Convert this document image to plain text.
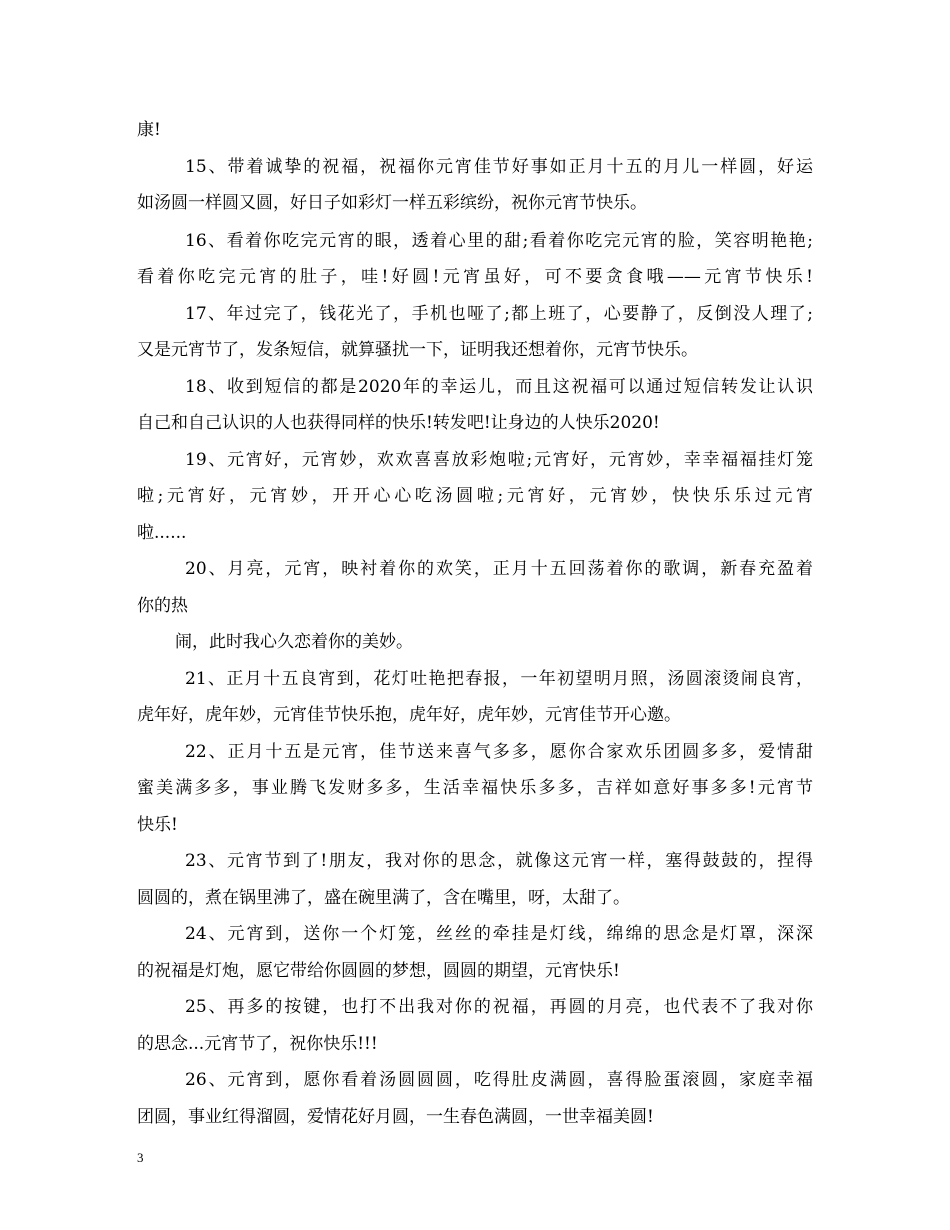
康!
15、带着诚挚的祝福，祝福你元宵佳节好事如正月十五的月儿一样圆，好运
如汤圆一样圆又圆，好日子如彩灯一样五彩缤纷，祝你元宵节快乐。
16、看着你吃完元宵的眼，透着心里的甜;看着你吃完元宵的脸，笑容明艳艳;
看着你吃完元宵的肚子，哇!好圆!元宵虽好，可不要贪食哦——元宵节快乐!
17、年过完了，钱花光了，手机也哑了;都上班了，心要静了，反倒没人理了;
又是元宵节了，发条短信，就算骚扰一下，证明我还想着你，元宵节快乐。
18、收到短信的都是2020年的幸运儿，而且这祝福可以通过短信转发让认识
自己和自己认识的人也获得同样的快乐!转发吧!让身边的人快乐2020!
19、元宵好，元宵妙，欢欢喜喜放彩炮啦;元宵好，元宵妙，幸幸福福挂灯笼
啦;元宵好，元宵妙，开开心心吃汤圆啦;元宵好，元宵妙，快快乐乐过元宵
啦......
20、月亮，元宵，映衬着你的欢笑，正月十五回荡着你的歌调，新春充盈着
你的热
闹，此时我心久恋着你的美妙。
21、正月十五良宵到，花灯吐艳把春报，一年初望明月照，汤圆滚烫闹良宵，
虎年好，虎年妙，元宵佳节快乐抱，虎年好，虎年妙，元宵佳节开心邀。
22、正月十五是元宵，佳节送来喜气多多，愿你合家欢乐团圆多多，爱情甜
蜜美满多多，事业腾飞发财多多，生活幸福快乐多多，吉祥如意好事多多!元宵节
快乐!
23、元宵节到了!朋友，我对你的思念，就像这元宵一样，塞得鼓鼓的，捏得
圆圆的，煮在锅里沸了，盛在碗里满了，含在嘴里，呀，太甜了。
24、元宵到，送你一个灯笼，丝丝的牵挂是灯线，绵绵的思念是灯罩，深深
的祝福是灯炮，愿它带给你圆圆的梦想，圆圆的期望，元宵快乐!
25、再多的按键，也打不出我对你的祝福，再圆的月亮，也代表不了我对你
的思念...元宵节了，祝你快乐!!!
26、元宵到，愿你看着汤圆圆圆，吃得肚皮满圆，喜得脸蛋滚圆，家庭幸福
团圆，事业红得溜圆，爱情花好月圆，一生春色满圆，一世幸福美圆!
3
